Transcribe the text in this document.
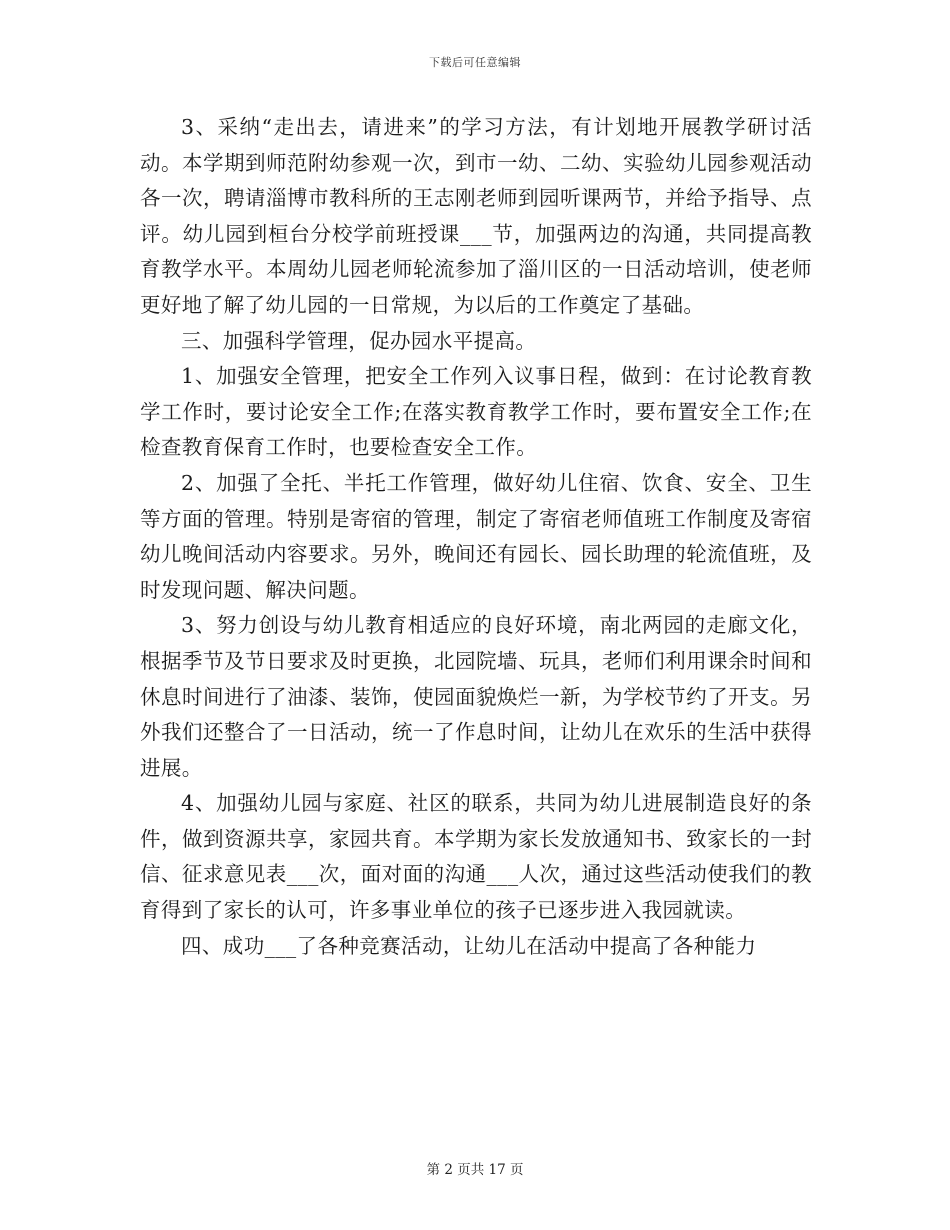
下载后可任意编辑

3、采纳“走出去，请进来”的学习方法，有计划地开展教学研讨活动。本学期到师范附幼参观一次，到市一幼、二幼、实验幼儿园参观活动各一次，聘请淄博市教科所的王志刚老师到园听课两节，并给予指导、点评。幼儿园到桓台分校学前班授课___节，加强两边的沟通，共同提高教育教学水平。本周幼儿园老师轮流参加了淄川区的一日活动培训，使老师更好地了解了幼儿园的一日常规，为以后的工作奠定了基础。

三、加强科学管理，促办园水平提高。

1、加强安全管理，把安全工作列入议事日程，做到：在讨论教育教学工作时，要讨论安全工作;在落实教育教学工作时，要布置安全工作;在检查教育保育工作时，也要检查安全工作。

2、加强了全托、半托工作管理，做好幼儿住宿、饮食、安全、卫生等方面的管理。特别是寄宿的管理，制定了寄宿老师值班工作制度及寄宿幼儿晚间活动内容要求。另外，晚间还有园长、园长助理的轮流值班，及时发现问题、解决问题。

3、努力创设与幼儿教育相适应的良好环境，南北两园的走廊文化，根据季节及节日要求及时更换，北园院墙、玩具，老师们利用课余时间和休息时间进行了油漆、装饰，使园面貌焕烂一新，为学校节约了开支。另外我们还整合了一日活动，统一了作息时间，让幼儿在欢乐的生活中获得进展。

4、加强幼儿园与家庭、社区的联系，共同为幼儿进展制造良好的条件，做到资源共享，家园共育。本学期为家长发放通知书、致家长的一封信、征求意见表___次，面对面的沟通___人次，通过这些活动使我们的教育得到了家长的认可，许多事业单位的孩子已逐步进入我园就读。

四、成功___了各种竞赛活动，让幼儿在活动中提高了各种能力

第 2 页共 17 页
